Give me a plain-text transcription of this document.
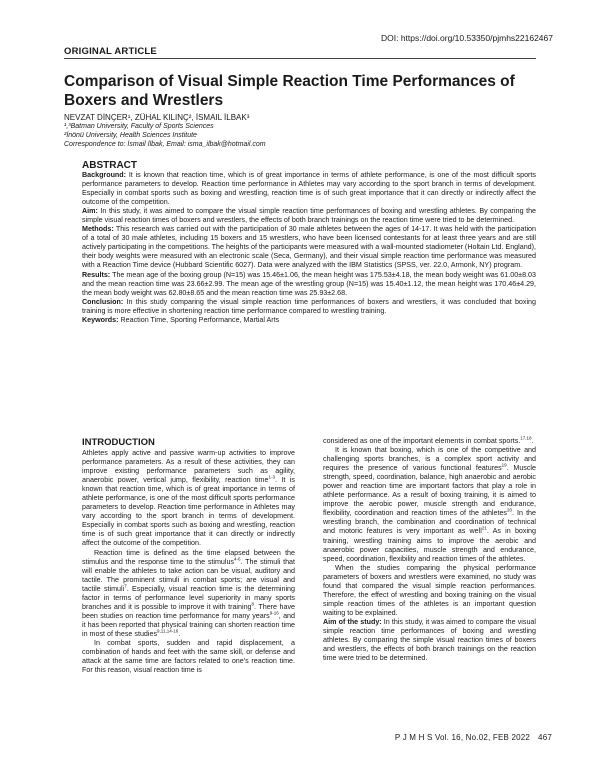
DOI: https://doi.org/10.53350/pjmhs22162467
ORIGINAL ARTICLE
Comparison of Visual Simple Reaction Time Performances of Boxers and Wrestlers
NEVZAT DİNÇER¹, ZÜHAL KILINÇ², İSMAIL İLBAK³
¹,³Batman University, Faculty of Sports Sciences
²İnönü University, Health Sciences Institute
Correspondence to: İsmail İlbak, Email: isma_ilbak@hotmail.com
ABSTRACT

Background: It is known that reaction time, which is of great importance in terms of athlete performance, is one of the most difficult sports performance parameters to develop. Reaction time performance in Athletes may vary according to the sport branch in terms of development. Especially in combat sports such as boxing and wrestling, reaction time is of such great importance that it can directly or indirectly affect the outcome of the competition.

Aim: In this study, it was aimed to compare the visual simple reaction time performances of boxing and wrestling athletes. By comparing the simple visual reaction times of boxers and wrestlers, the effects of both branch trainings on the reaction time were tried to be determined.

Methods: This research was carried out with the participation of 30 male athletes between the ages of 14-17. It was held with the participation of a total of 30 male athletes, including 15 boxers and 15 wrestlers, who have been licensed contestants for at least three years and are still actively participating in the competitions. The heights of the participants were measured with a wall-mounted stadiometer (Holtain Ltd. England), their body weights were measured with an electronic scale (Seca, Germany), and their visual simple reaction time performance was measured with a Reaction Time device (Hubbard Scientific 6027). Data were analyzed with the IBM Statistics (SPSS, ver. 22.0, Armonk, NY) program.

Results: The mean age of the boxing group (N=15) was 15.46±1.06, the mean height was 175.53±4.18, the mean body weight was 61.00±8.03 and the mean reaction time was 23.66±2.99. The mean age of the wrestling group (N=15) was 15.40±1.12, the mean height was 170.46±4.29, the mean body weight was 62.80±8.65 and the mean reaction time was 25.93±2.68.

Conclusion: In this study comparing the visual simple reaction time performances of boxers and wrestlers, it was concluded that boxing training is more effective in shortening reaction time performance compared to wrestling training.

Keywords: Reaction Time, Sporting Performance, Martial Arts

INTRODUCTION

Athletes apply active and passive warm-up activities to improve performance parameters. As a result of these activities, they can improve existing performance parameters such as agility, anaerobic power, vertical jump, flexibility, reaction time$^{1-3}$. It is known that reaction time, which is of great importance in terms of athlete performance, is one of the most difficult sports performance parameters to develop. Reaction time performance in Athletes may vary according to the sport branch in terms of development. Especially in combat sports such as boxing and wrestling, reaction time is of such great importance that it can directly or indirectly affect the outcome of the competition.

Reaction time is defined as the time elapsed between the stimulus and the response time to the stimulus$^{4-6}$. The stimuli that will enable the athletes to take action can be visual, auditory and tactile. The prominent stimuli in combat sports; are visual and tactile stimuli$^7$. Especially, visual reaction time is the determining factor in terms of performance level superiority in many sports branches and it is possible to improve it with training$^8$. There have been studies on reaction time performance for many years$^{9-16}$, and it has been reported that physical training can shorten reaction time in most of these studies$^{9,11,14-16}$.

In combat sports, sudden and rapid displacement, a combination of hands and feet with the same skill, or defense and attack at the same time are factors related to one's reaction time. For this reason, visual reaction time is

considered as one of the important elements in combat sports.$^{17,18}$.

It is known that boxing, which is one of the competitive and challenging sports branches, is a complex sport activity and requires the presence of various functional features$^{19}$. Muscle strength, speed, coordination, balance, high anaerobic and aerobic power and reaction time are important factors that play a role in athlete performance. As a result of boxing training, it is aimed to improve the aerobic power, muscle strength and endurance, flexibility, coordination and reaction times of the athletes$^{20}$. In the wrestling branch, the combination and coordination of technical and motoric features is very important as well$^{21}$. As in boxing training, wrestling training aims to improve the aerobic and anaerobic power capacities, muscle strength and endurance, speed, coordination, flexibility and reaction times of the athletes.

When the studies comparing the physical performance parameters of boxers and wrestlers were examined, no study was found that compared the visual simple reaction performances. Therefore, the effect of wrestling and boxing training on the visual simple reaction times of the athletes is an important question waiting to be explained.

Aim of the study: In this study, it was aimed to compare the visual simple reaction time performances of boxing and wrestling athletes. By comparing the simple visual reaction times of boxers and wrestlers, the effects of both branch trainings on the reaction time were tried to be determined.

P J M H S Vol. 16, No.02, FEB 2022 467
